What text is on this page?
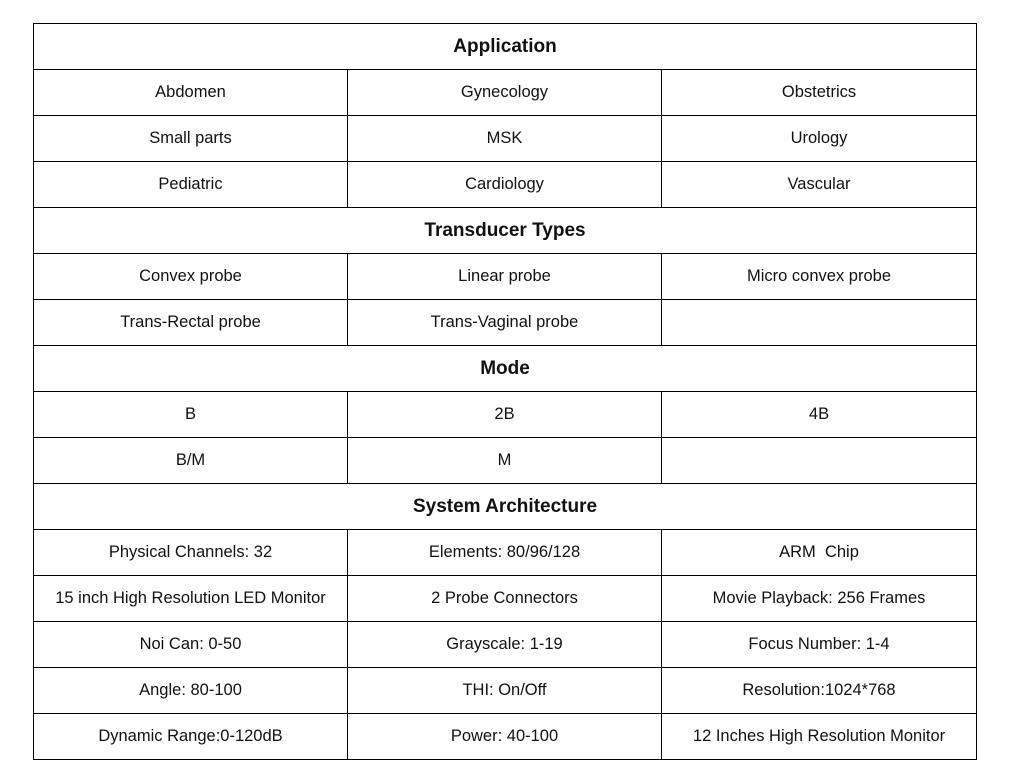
Application		
Abdomen	Gynecology	Obstetrics
Small parts	MSK	Urology
Pediatric	Cardiology	Vascular
Transducer Types		
Convex probe	Linear probe	Micro convex probe
Trans-Rectal probe	Trans-Vaginal probe	
Mode		
B	2B	4B
B/M	M	
System Architecture		
Physical Channels: 32	Elements: 80/96/128	ARM  Chip
15 inch High Resolution LED Monitor	2 Probe Connectors	Movie Playback: 256 Frames
Noi Can: 0-50	Grayscale: 1-19	Focus Number: 1-4
Angle: 80-100	THI: On/Off	Resolution:1024*768
Dynamic Range:0-120dB	Power: 40-100	12 Inches High Resolution Monitor
